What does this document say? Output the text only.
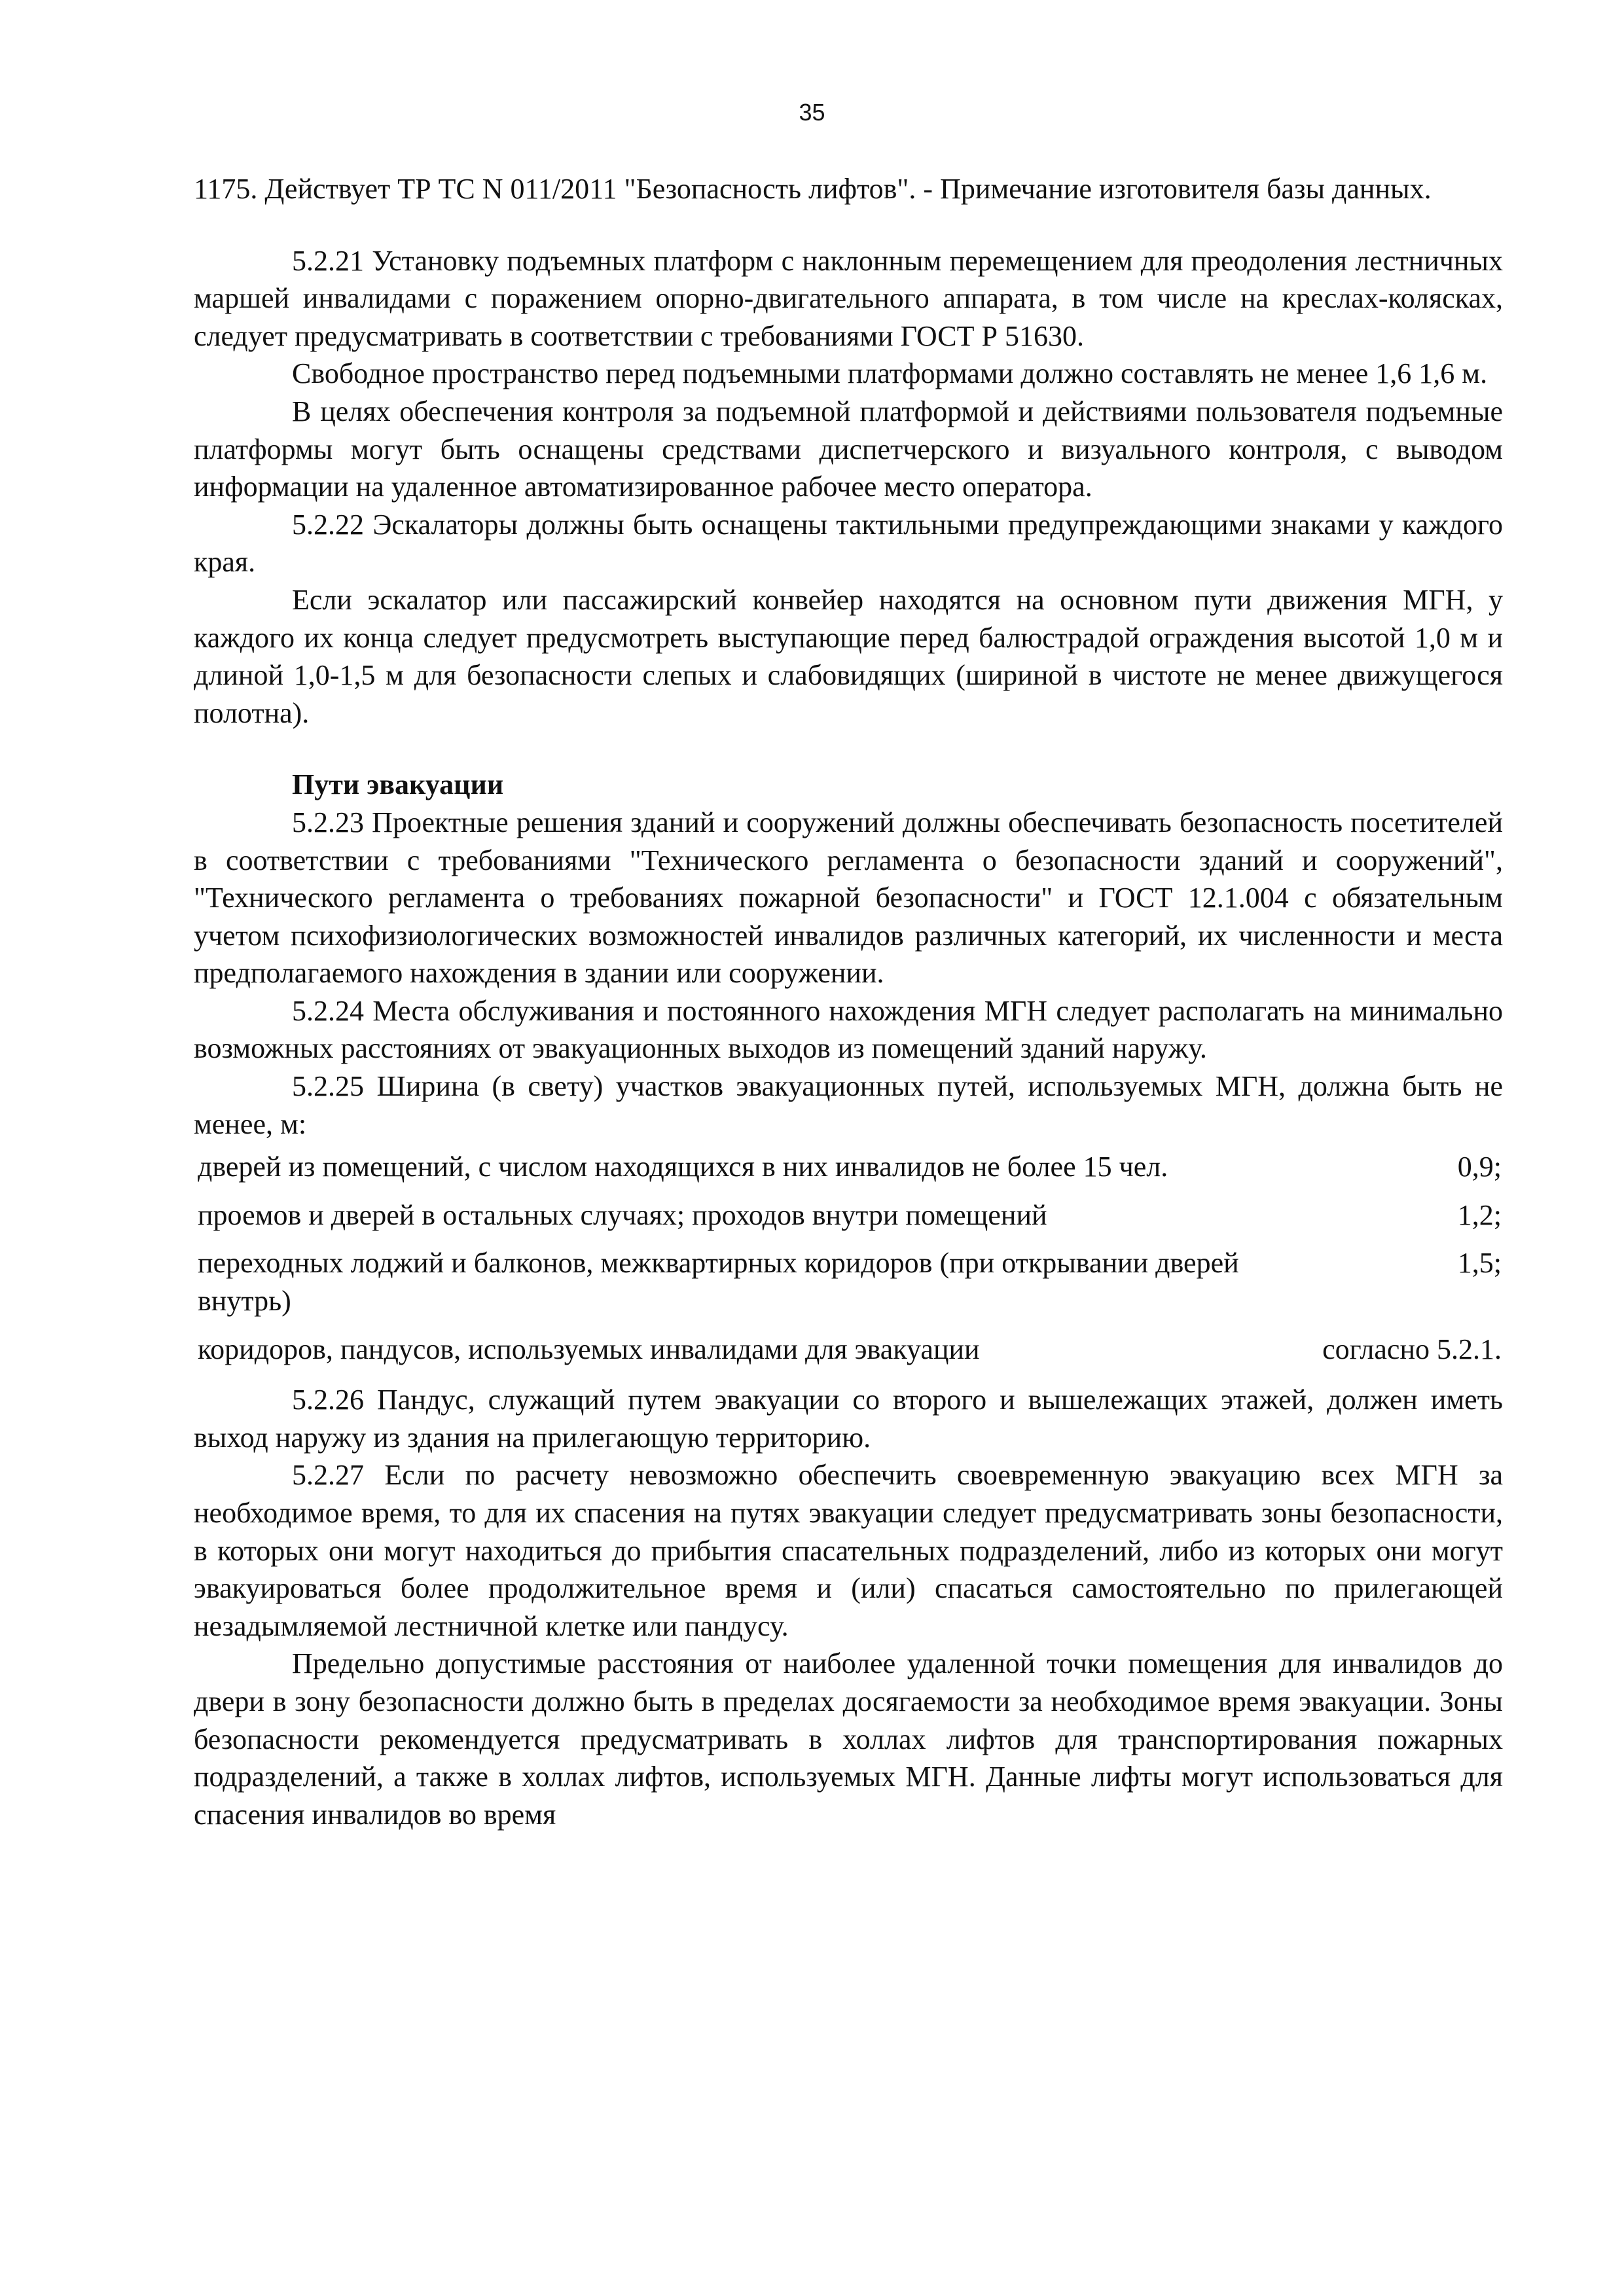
35

1175. Действует ТР ТС N 011/2011 "Безопасность лифтов". - Примечание изготовителя базы данных.

5.2.21 Установку подъемных платформ с наклонным перемещением для преодоления лестничных маршей инвалидами с поражением опорно-двигательного аппарата, в том числе на креслах-колясках, следует предусматривать в соответствии с требованиями ГОСТ Р 51630.

Свободное пространство перед подъемными платформами должно составлять не менее 1,6 1,6 м.

В целях обеспечения контроля за подъемной платформой и действиями пользователя подъемные платформы могут быть оснащены средствами диспетчерского и визуального контроля, с выводом информации на удаленное автоматизированное рабочее место оператора.

5.2.22 Эскалаторы должны быть оснащены тактильными предупреждающими знаками у каждого края.

Если эскалатор или пассажирский конвейер находятся на основном пути движения МГН, у каждого их конца следует предусмотреть выступающие перед балюстрадой ограждения высотой 1,0 м и длиной 1,0-1,5 м для безопасности слепых и слабовидящих (шириной в чистоте не менее движущегося полотна).

Пути эвакуации

5.2.23 Проектные решения зданий и сооружений должны обеспечивать безопасность посетителей в соответствии с требованиями "Технического регламента о безопасности зданий и сооружений", "Технического регламента о требованиях пожарной безопасности" и ГОСТ 12.1.004 с обязательным учетом психофизиологических возможностей инвалидов различных категорий, их численности и места предполагаемого нахождения в здании или сооружении.

5.2.24 Места обслуживания и постоянного нахождения МГН следует располагать на минимально возможных расстояниях от эвакуационных выходов из помещений зданий наружу.

5.2.25 Ширина (в свету) участков эвакуационных путей, используемых МГН, должна быть не менее, м:

дверей из помещений, с числом находящихся в них инвалидов не более 15 чел.	0,9;
проемов и дверей в остальных случаях; проходов внутри помещений	1,2;
переходных лоджий и балконов, межквартирных коридоров (при открывании дверей внутрь)	1,5;
коридоров, пандусов, используемых инвалидами для эвакуации	согласно 5.2.1.

5.2.26 Пандус, служащий путем эвакуации со второго и вышележащих этажей, должен иметь выход наружу из здания на прилегающую территорию.

5.2.27 Если по расчету невозможно обеспечить своевременную эвакуацию всех МГН за необходимое время, то для их спасения на путях эвакуации следует предусматривать зоны безопасности, в которых они могут находиться до прибытия спасательных подразделений, либо из которых они могут эвакуироваться более продолжительное время и (или) спасаться самостоятельно по прилегающей незадымляемой лестничной клетке или пандусу.

Предельно допустимые расстояния от наиболее удаленной точки помещения для инвалидов до двери в зону безопасности должно быть в пределах досягаемости за необходимое время эвакуации. Зоны безопасности рекомендуется предусматривать в холлах лифтов для транспортирования пожарных подразделений, а также в холлах лифтов, используемых МГН. Данные лифты могут использоваться для спасения инвалидов во время
